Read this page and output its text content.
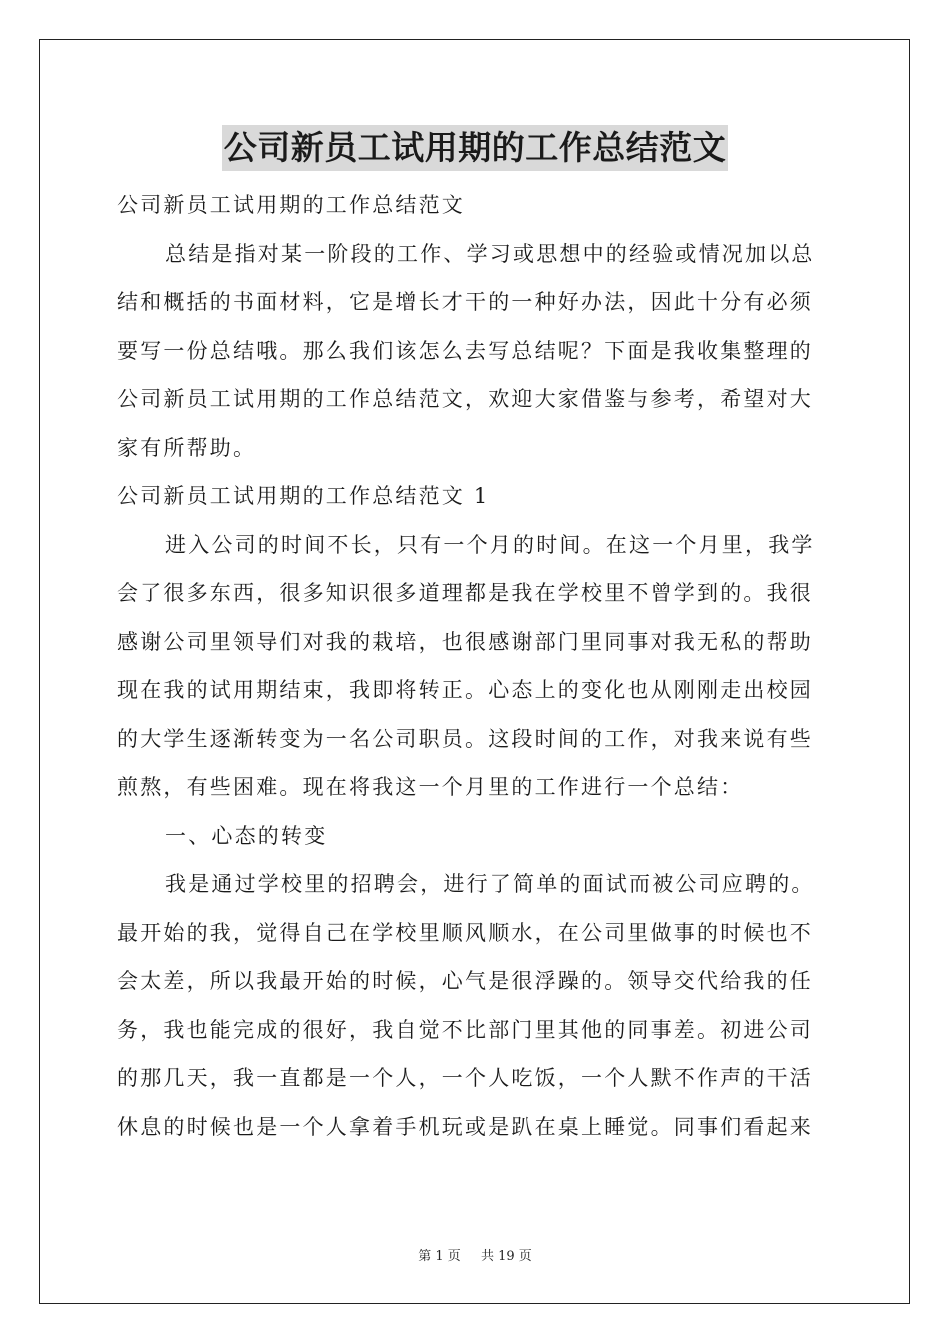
公司新员工试用期的工作总结范文
公司新员工试用期的工作总结范文
总结是指对某一阶段的工作、学习或思想中的经验或情况加以总
结和概括的书面材料，它是增长才干的一种好办法，因此十分有必须
要写一份总结哦。那么我们该怎么去写总结呢？下面是我收集整理的
公司新员工试用期的工作总结范文，欢迎大家借鉴与参考，希望对大
家有所帮助。
公司新员工试用期的工作总结范文 1
进入公司的时间不长，只有一个月的时间。在这一个月里，我学
会了很多东西，很多知识很多道理都是我在学校里不曾学到的。我很
感谢公司里领导们对我的栽培，也很感谢部门里同事对我无私的帮助
现在我的试用期结束，我即将转正。心态上的变化也从刚刚走出校园
的大学生逐渐转变为一名公司职员。这段时间的工作，对我来说有些
煎熬，有些困难。现在将我这一个月里的工作进行一个总结：
一、心态的转变
我是通过学校里的招聘会，进行了简单的面试而被公司应聘的。
最开始的我，觉得自己在学校里顺风顺水，在公司里做事的时候也不
会太差，所以我最开始的时候，心气是很浮躁的。领导交代给我的任
务，我也能完成的很好，我自觉不比部门里其他的同事差。初进公司
的那几天，我一直都是一个人，一个人吃饭，一个人默不作声的干活
休息的时候也是一个人拿着手机玩或是趴在桌上睡觉。同事们看起来
第 1 页 共 19 页
